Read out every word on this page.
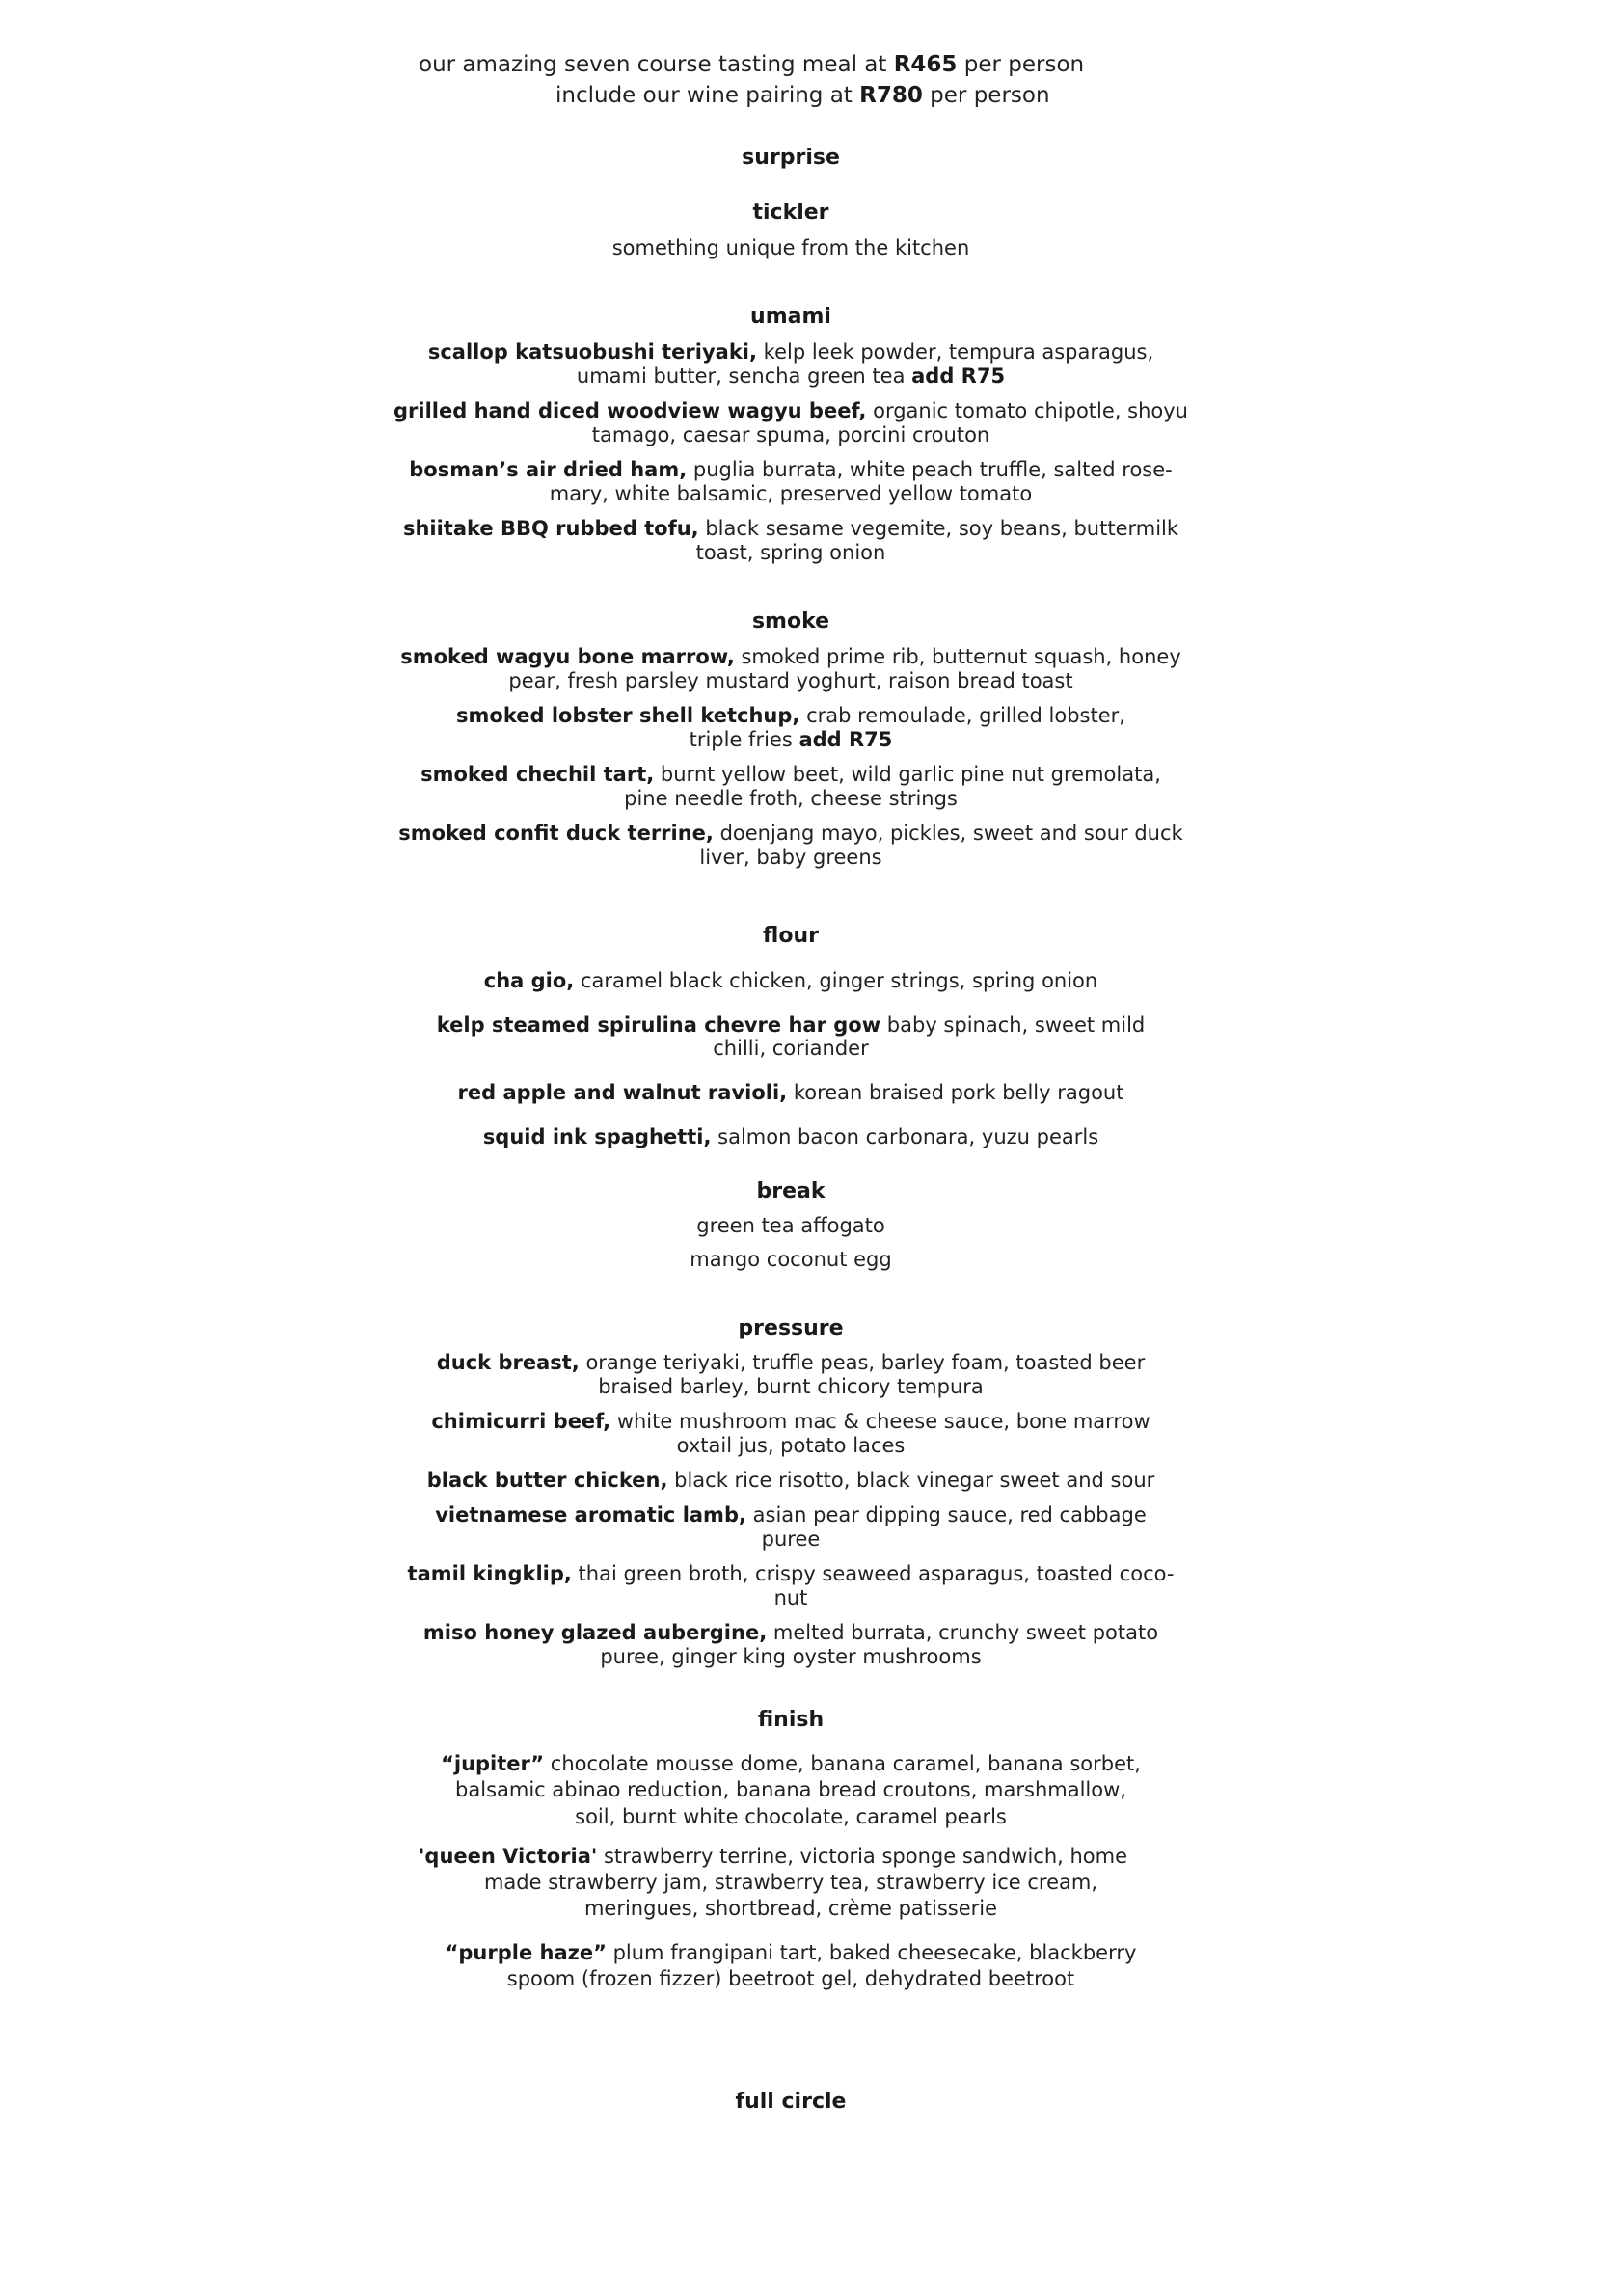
our amazing seven course tasting meal at R465 per person
include our wine pairing at R780 per person
surprise
tickler
something unique from the kitchen
umami
scallop katsuobushi teriyaki, kelp leek powder, tempura asparagus,
umami butter, sencha green tea add R75
grilled hand diced woodview wagyu beef, organic tomato chipotle, shoyu
tamago, caesar spuma, porcini crouton
bosman’s air dried ham, puglia burrata, white peach truffle, salted rose-
mary, white balsamic, preserved yellow tomato
shiitake BBQ rubbed tofu, black sesame vegemite, soy beans, buttermilk
toast, spring onion
smoke
smoked wagyu bone marrow, smoked prime rib, butternut squash, honey
pear, fresh parsley mustard yoghurt, raison bread toast
smoked lobster shell ketchup, crab remoulade, grilled lobster,
triple fries add R75
smoked chechil tart, burnt yellow beet, wild garlic pine nut gremolata,
pine needle froth, cheese strings
smoked confit duck terrine, doenjang mayo, pickles, sweet and sour duck
liver, baby greens
flour
cha gio, caramel black chicken, ginger strings, spring onion
kelp steamed spirulina chevre har gow baby spinach, sweet mild
chilli, coriander
red apple and walnut ravioli, korean braised pork belly ragout
squid ink spaghetti, salmon bacon carbonara, yuzu pearls
break
green tea affogato
mango coconut egg
pressure
duck breast, orange teriyaki, truffle peas, barley foam, toasted beer
braised barley, burnt chicory tempura
chimicurri beef, white mushroom mac & cheese sauce, bone marrow
oxtail jus, potato laces
black butter chicken, black rice risotto, black vinegar sweet and sour
vietnamese aromatic lamb, asian pear dipping sauce, red cabbage
puree
tamil kingklip, thai green broth, crispy seaweed asparagus, toasted coco-
nut
miso honey glazed aubergine, melted burrata, crunchy sweet potato
puree, ginger king oyster mushrooms
finish
“jupiter” chocolate mousse dome, banana caramel, banana sorbet,
balsamic abinao reduction, banana bread croutons, marshmallow,
soil, burnt white chocolate, caramel pearls
'queen Victoria' strawberry terrine, victoria sponge sandwich, home
made strawberry jam, strawberry tea, strawberry ice cream,
meringues, shortbread, crème patisserie
“purple haze” plum frangipani tart, baked cheesecake, blackberry
spoom (frozen fizzer) beetroot gel, dehydrated beetroot
full circle
